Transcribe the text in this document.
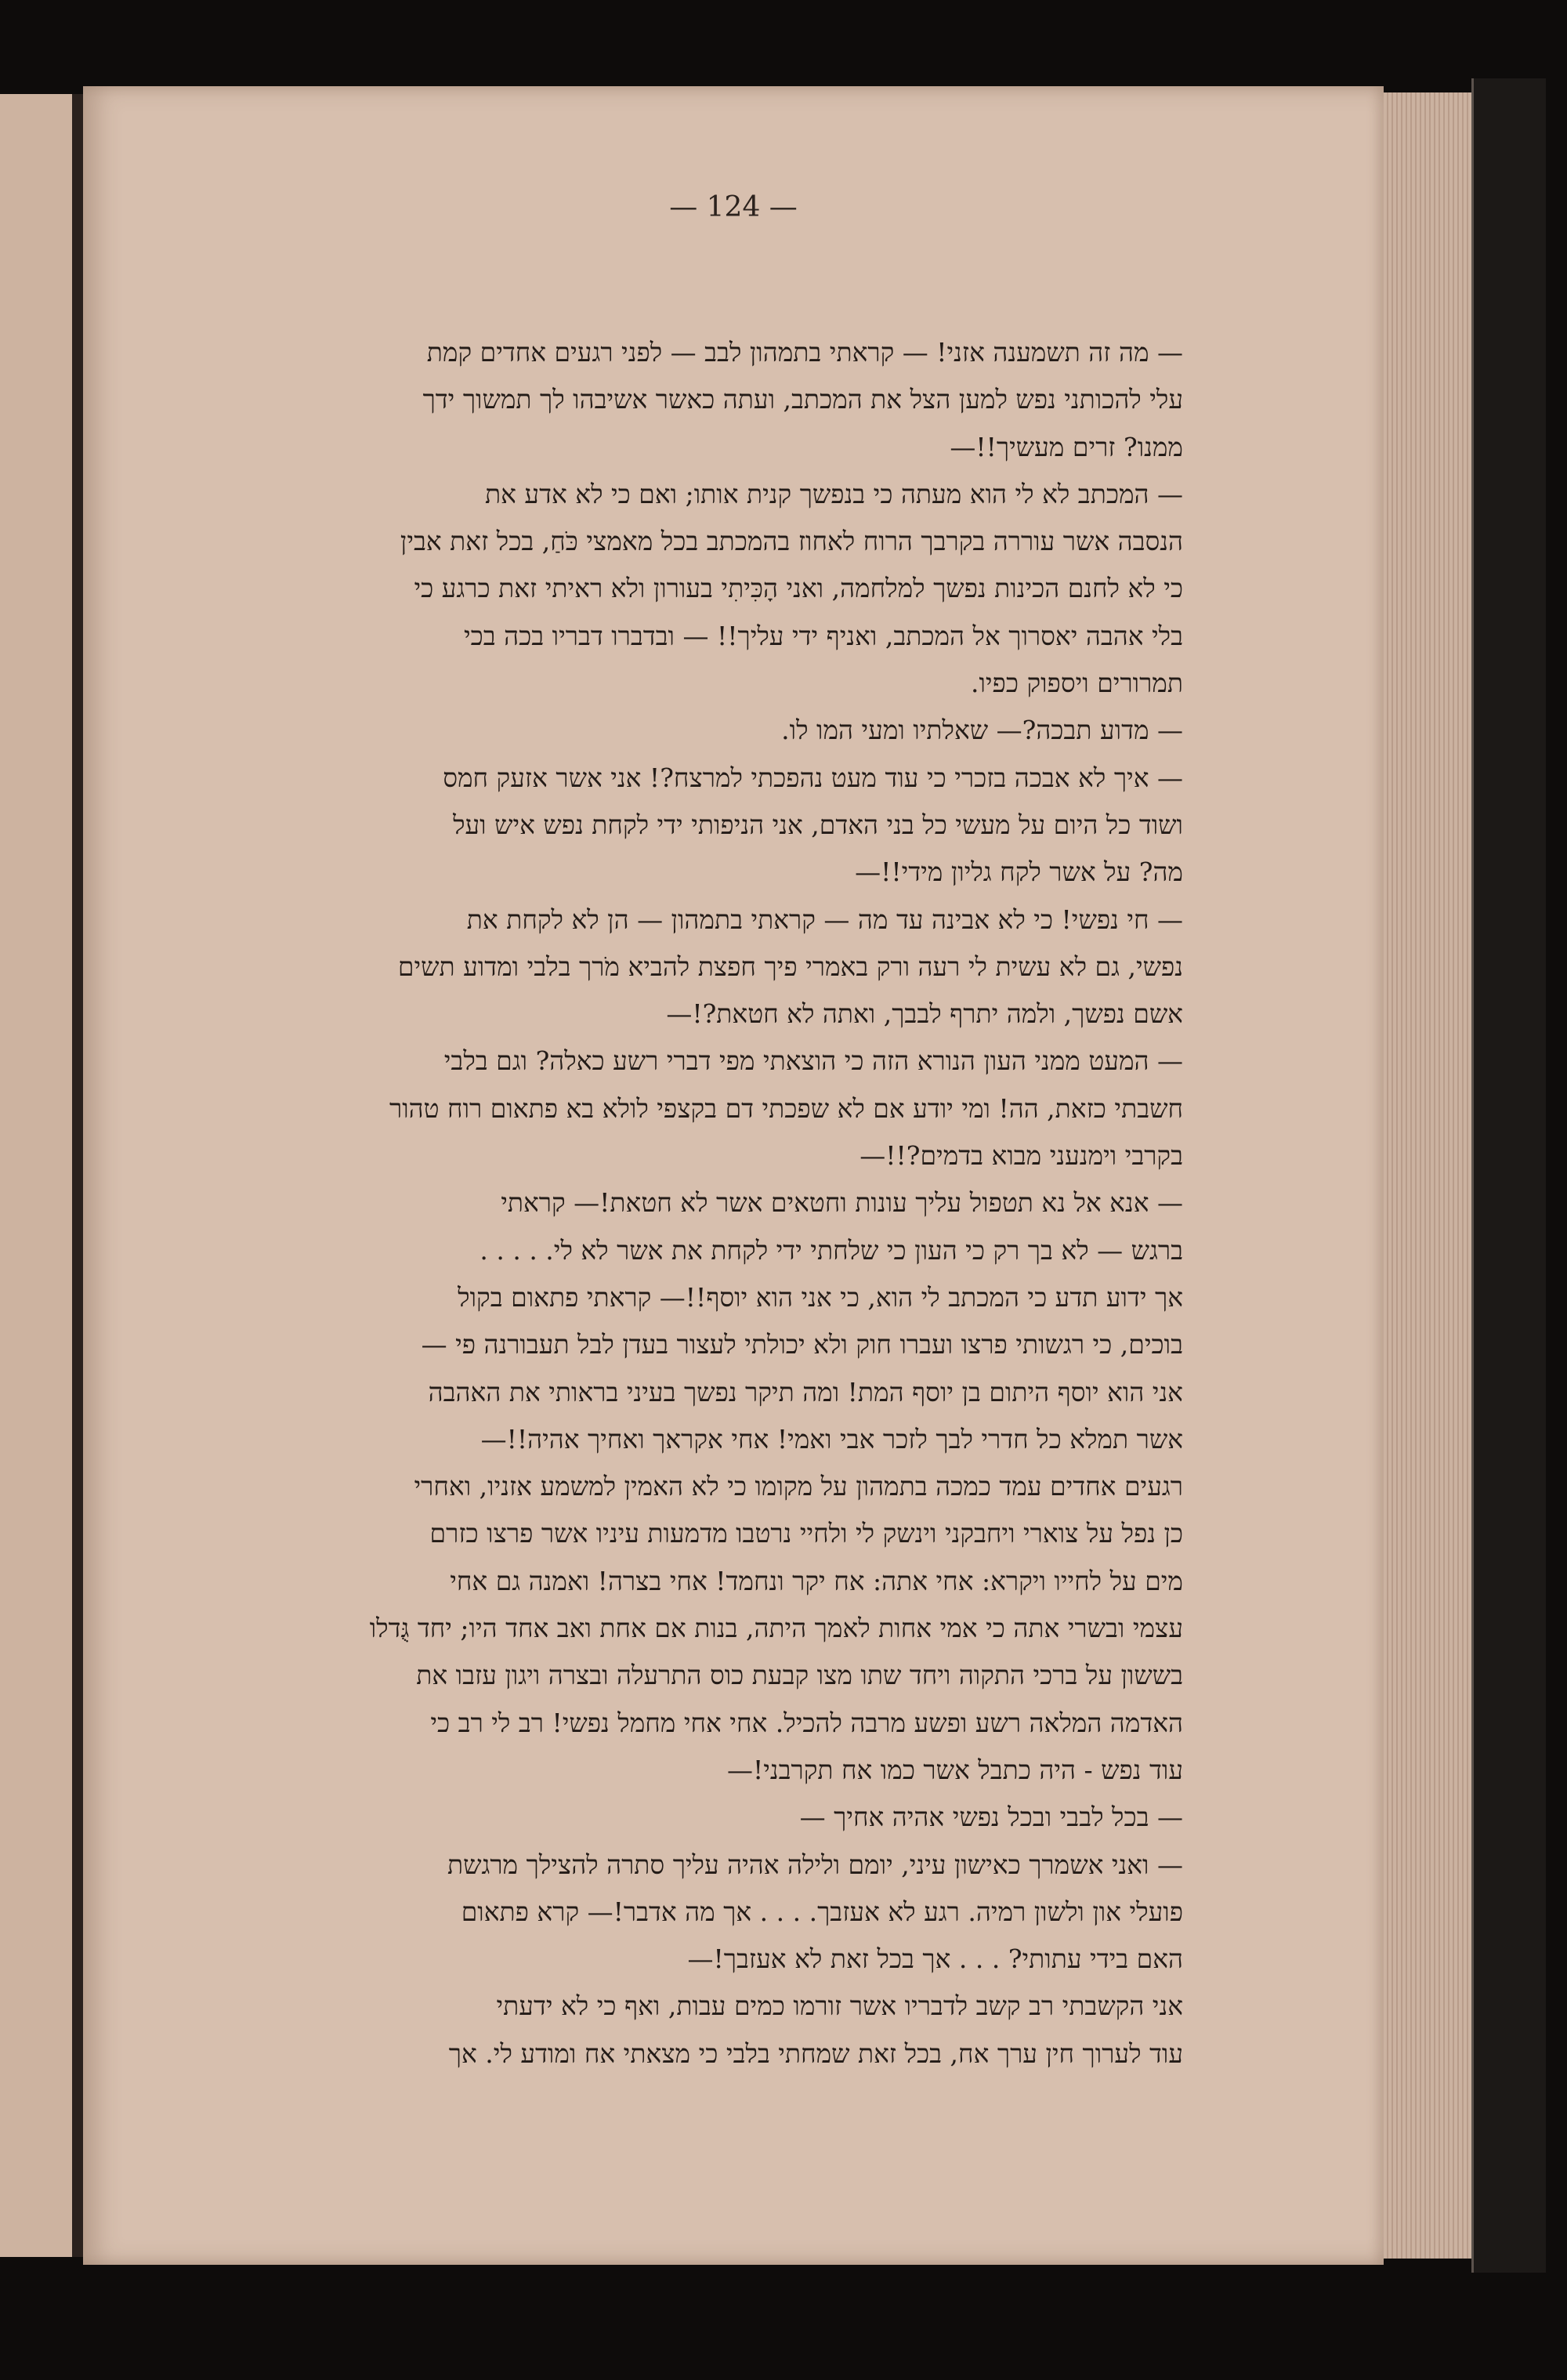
— 124 —

— מה זה תשמענה אזני! — קראתי בתמהון לבב — לפני רגעים אחדים קמת

עלי להכותני נפש למען הצל את המכתב, ועתה כאשר אשיבהו לך תמשוך ידך

ממנו? זרים מעשיך!!—

— המכתב לא לי הוא מעתה כי בנפשך קנית אותו; ואם כי לא אדע את

הנסבה אשר עוררה בקרבך הרוח לאחוז בהמכתב בכל מאמצי כֹּחַ, בכל זאת אבין

כי לא לחנם הכינות נפשך למלחמה, ואני הָכִּיתִי בעורון ולא ראיתי זאת כרגע כי

בלי אהבה יאסרוך אל המכתב, ואניף ידי עליך!! — ובדברו דבריו בכה בכי

תמרורים ויספוק כפיו.

— מדוע תבכה?— שאלתיו ומעי המו לו.

— איך לא אבכה בזכרי כי עוד מעט נהפכתי למרצח?! אני אשר אזעק חמס

ושוד כל היום על מעשי כל בני האדם, אני הניפותי ידי לקחת נפש איש ועל

מה? על אשר לקח גליון מידי!!—

— חי נפשי! כי לא אבינה עד מה — קראתי בתמהון — הן לא לקחת את

נפשי, גם לא עשית לי רעה ורק באמרי פיך חפצת להביא מֹרך בלבי ומדוע תשים

אשם נפשך, ולמה יתרף לבבך, ואתה לא חטאת?!—

— המעט ממני העון הנורא הזה כי הוצאתי מפי דברי רשע כאלה? וגם בלבי

חשבתי כזאת, הה! ומי יודע אם לא שפכתי דם בקצפי לולא בא פתאום רוח טהור

בקרבי וימנעני מבוא בדמים?!!—

— אנא אל נא תטפול עליך עונות וחטאים אשר לא חטאת!— קראתי

ברגש — לא בך רק כי העון כי שלחתי ידי לקחת את אשר לא לי. . . . .

אך ידוע תדע כי המכתב לי הוא, כי אני הוא יוסף!!— קראתי פתאום בקול

בוכים, כי רגשותי פרצו ועברו חוק ולא יכולתי לעצור בעדן לבל תעבורנה פי —

אני הוא יוסף היתום בן יוסף המת! ומה תיקר נפשך בעיני בראותי את האהבה

אשר תמלא כל חדרי לבך לזכר אבי ואמי! אחי אקראך ואחיך אהיה!!—

רגעים אחדים עמד כמכה בתמהון על מקומו כי לא האמין למשמע אזניו, ואחרי

כן נפל על צוארי ויחבקני וינשק לי ולחיי נרטבו מדמעות עיניו אשר פרצו כזרם

מים על לחייו ויקרא: אחי אתה: אח יקר ונחמד! אחי בצרה! ואמנה גם אחי

עצמי ובשרי אתה כי אמי אחות לאמך היתה, בנות אם אחת ואב אחד היו; יחד גֻּדלו

בששון על ברכי התקוה ויחד שתו מצו קבעת כוס התרעלה ובצרה ויגון עזבו את

האדמה המלאה רשע ופשע מרבה להכיל. אחי אחי מחמל נפשי! רב לי רב כי

עוד נפש - היה כתבל אשר כמו אח תקרבני!—

— בכל לבבי ובכל נפשי אהיה אחיך —

— ואני אשמרך כאישון עיני, יומם ולילה אהיה עליך סתרה להצילך מרגשת

פועלי און ולשון רמיה. רגע לא אעזבך. . . . אך מה אדבר!— קרא פתאום

האם בידי עתותי? . . . אך בכל זאת לא אעזבך!—

אני הקשבתי רב קשב לדבריו אשר זורמו כמים עבות, ואף כי לא ידעתי

עוד לערוך חין ערך אח, בכל זאת שמחתי בלבי כי מצאתי אח ומודע לי. אך
